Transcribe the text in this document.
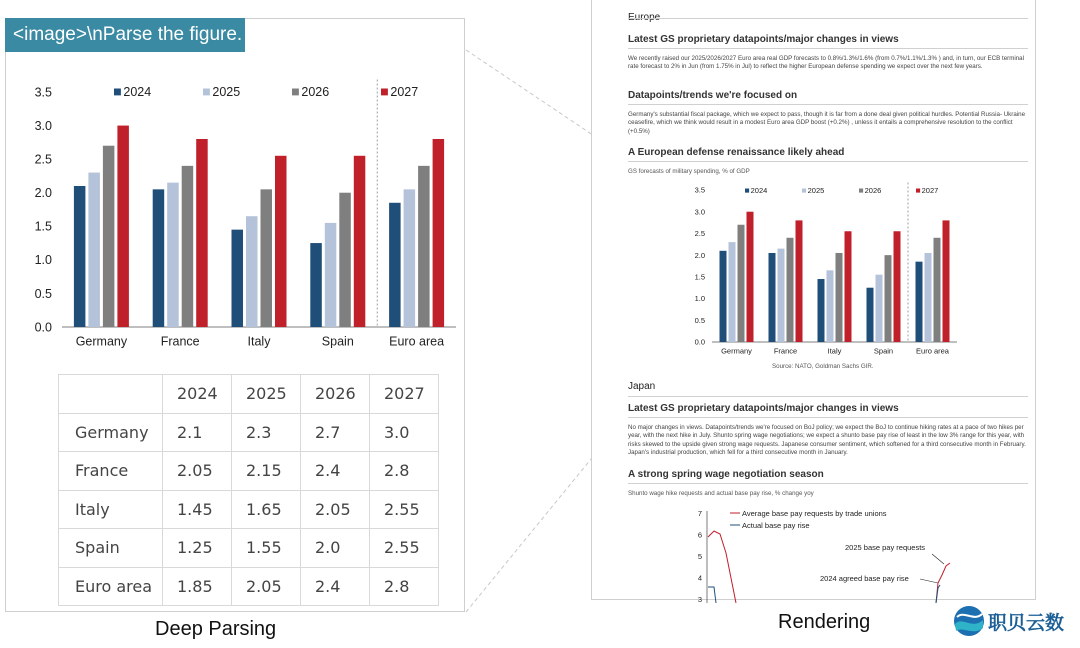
0.0
0.5
1.0
1.5
2.0
2.5
3.0
3.5
Germany	France	Italy	Spain	Euro area
2024	2025	2026	2027
	2024	2025	2026	2027
Germany	2.1	2.3	2.7	3.0
France	2.05	2.15	2.4	2.8
Italy	1.45	1.65	2.05	2.55
Spain	1.25	1.55	2.0	2.55
Euro area	1.85	2.05	2.4	2.8
<image>\nParse the figure.
Europe
Latest GS proprietary datapoints/major changes in views
We recently raised our 2025/2026/2027 Euro area real GDP forecasts to 0.8%/1.3%/1.6% (from 0.7%/1.1%/1.3% ) and, in turn, our ECB terminal rate forecast to 2% in Jun (from 1.75% in Jul) to reflect the higher European defense spending we expect over the next few years.
Datapoints/trends we're focused on
Germany's substantial fiscal package, which we expect to pass, though it is far from a done deal given political hurdles. Potential Russia- Ukraine ceasefire, which we think would result in a modest Euro area GDP boost (+0.2%) , unless it entails a comprehensive resolution to the conflict (+0.5%)
A European defense renaissance likely ahead
GS forecasts of military spending, % of GDP
0.0
0.5
1.0
1.5
2.0
2.5
3.0
3.5
Germany	France	Italy	Spain	Euro area
2024	2025	2026	2027
Source: NATO, Goldman Sachs GIR.
Japan
Latest GS proprietary datapoints/major changes in views
No major changes in views. Datapoints/trends we're focused on BoJ policy; we expect the BoJ to continue hiking rates at a pace of two hikes per year, with the next hike in July. Shunto spring wage negotiations; we expect a shunto base pay rise of least in the low 3% range for this year, with risks skewed to the upside given strong wage requests. Japanese consumer sentiment, which softened for a third consecutive month in February. Japan's industrial production, which fell for a third consecutive month in January.
A strong spring wage negotiation season
Shunto wage hike requests and actual base pay rise, % change yoy
3
4
5
6
7	Average base pay requests by trade unions
Actual base pay rise
2025 base pay requests
2024 agreed base pay rise
Deep Parsing	Rendering	职贝云数
